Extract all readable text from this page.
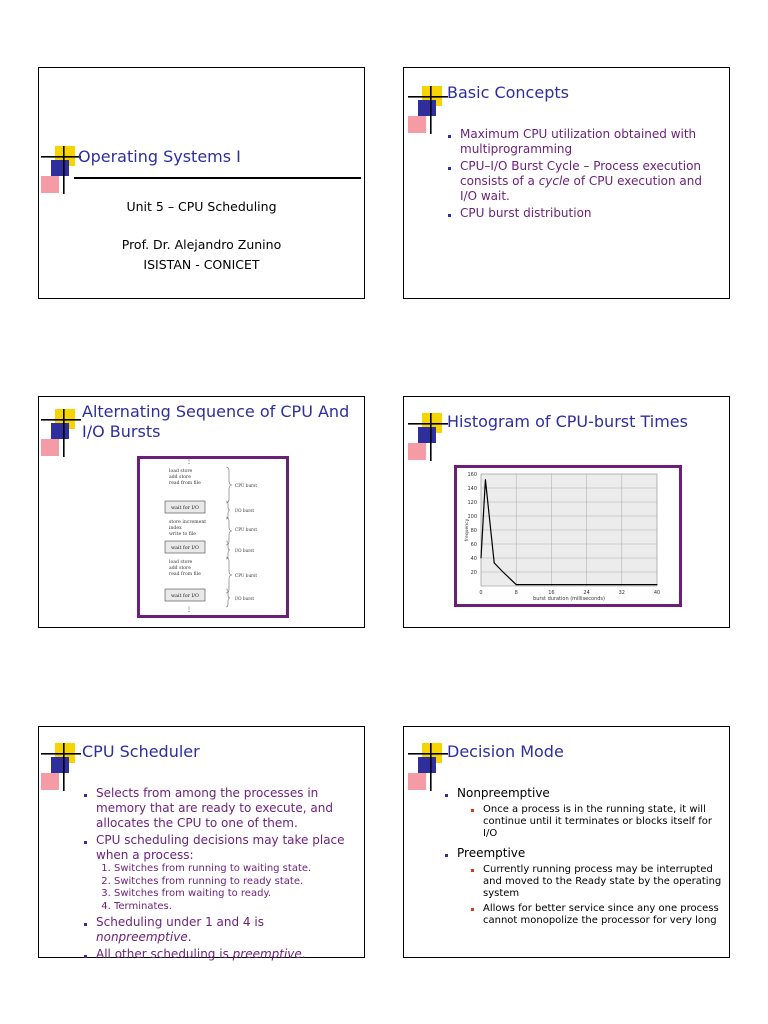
Operating Systems I
Unit 5 – CPU Scheduling
Prof. Dr. Alejandro Zunino
ISISTAN - CONICET
Basic Concepts
Maximum CPU utilization obtained with multiprogramming
CPU–I/O Burst Cycle – Process execution consists of a cycle of CPU execution and I/O wait.
CPU burst distribution
Alternating Sequence of CPU And I/O Bursts
⋮
load store
add store
read from file
store increment
index
write to file
load store
add store
read from file
wait for I/O
wait for I/O
wait for I/O
CPU burst
I/O burst
CPU burst
I/O burst
CPU burst
I/O burst
⋮
Histogram of CPU-burst Times
20
40
60
80
100
120
140
160
0	8	16	24	32	40
burst duration (milliseconds)
frequency
CPU Scheduler
Selects from among the processes in memory that are ready to execute, and allocates the CPU to one of them.
CPU scheduling decisions may take place when a process:
1. Switches from running to waiting state.
2. Switches from running to ready state.
3. Switches from waiting to ready.
4. Terminates.
Scheduling under 1 and 4 is nonpreemptive.
All other scheduling is preemptive.
Decision Mode
Nonpreemptive
Once a process is in the running state, it will continue until it terminates or blocks itself for I/O
Preemptive
Currently running process may be interrupted and moved to the Ready state by the operating system
Allows for better service since any one process cannot monopolize the processor for very long
